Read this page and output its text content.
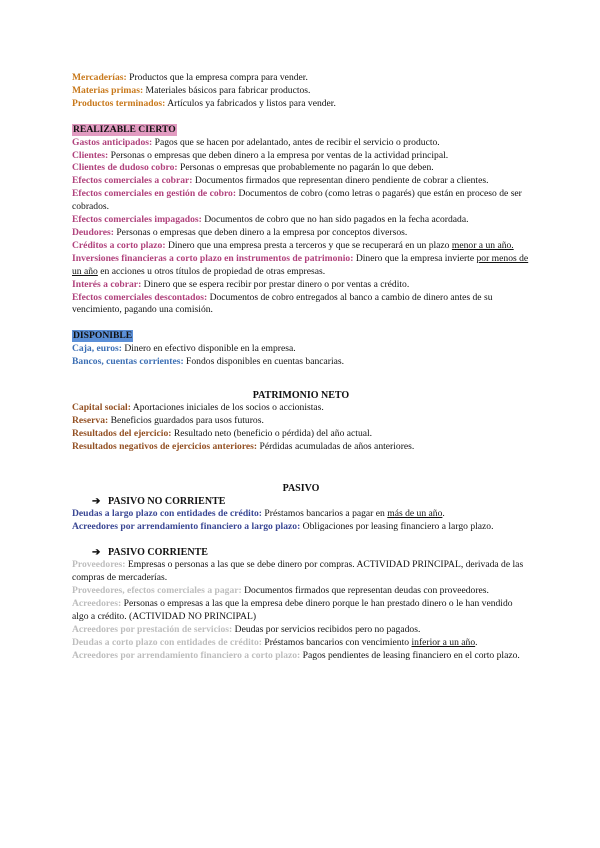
Mercaderías: Productos que la empresa compra para vender.

Materias primas: Materiales básicos para fabricar productos.

Productos terminados: Artículos ya fabricados y listos para vender.

REALIZABLE CIERTO

Gastos anticipados: Pagos que se hacen por adelantado, antes de recibir el servicio o producto.

Clientes: Personas o empresas que deben dinero a la empresa por ventas de la actividad principal.

Clientes de dudoso cobro: Personas o empresas que probablemente no pagarán lo que deben.

Efectos comerciales a cobrar: Documentos firmados que representan dinero pendiente de cobrar a clientes.

Efectos comerciales en gestión de cobro: Documentos de cobro (como letras o pagarés) que están en proceso de ser cobrados.

Efectos comerciales impagados: Documentos de cobro que no han sido pagados en la fecha acordada.

Deudores: Personas o empresas que deben dinero a la empresa por conceptos diversos.

Créditos a corto plazo: Dinero que una empresa presta a terceros y que se recuperará en un plazo menor a un año.

Inversiones financieras a corto plazo en instrumentos de patrimonio: Dinero que la empresa invierte por menos de un año en acciones u otros títulos de propiedad de otras empresas.

Interés a cobrar: Dinero que se espera recibir por prestar dinero o por ventas a crédito.

Efectos comerciales descontados: Documentos de cobro entregados al banco a cambio de dinero antes de su vencimiento, pagando una comisión.

DISPONIBLE

Caja, euros: Dinero en efectivo disponible en la empresa.

Bancos, cuentas corrientes: Fondos disponibles en cuentas bancarias.

PATRIMONIO NETO

Capital social: Aportaciones iniciales de los socios o accionistas.

Reserva: Beneficios guardados para usos futuros.

Resultados del ejercicio: Resultado neto (beneficio o pérdida) del año actual.

Resultados negativos de ejercicios anteriores: Pérdidas acumuladas de años anteriores.

PASIVO

➔ PASIVO NO CORRIENTE

Deudas a largo plazo con entidades de crédito: Préstamos bancarios a pagar en más de un año.

Acreedores por arrendamiento financiero a largo plazo: Obligaciones por leasing financiero a largo plazo.

➔ PASIVO CORRIENTE

Proveedores: Empresas o personas a las que se debe dinero por compras. ACTIVIDAD PRINCIPAL, derivada de las compras de mercaderías.

Proveedores, efectos comerciales a pagar: Documentos firmados que representan deudas con proveedores.

Acreedores: Personas o empresas a las que la empresa debe dinero porque le han prestado dinero o le han vendido algo a crédito. (ACTIVIDAD NO PRINCIPAL)

Acreedores por prestación de servicios: Deudas por servicios recibidos pero no pagados.

Deudas a corto plazo con entidades de crédito: Préstamos bancarios con vencimiento inferior a un año.

Acreedores por arrendamiento financiero a corto plazo: Pagos pendientes de leasing financiero en el corto plazo.
